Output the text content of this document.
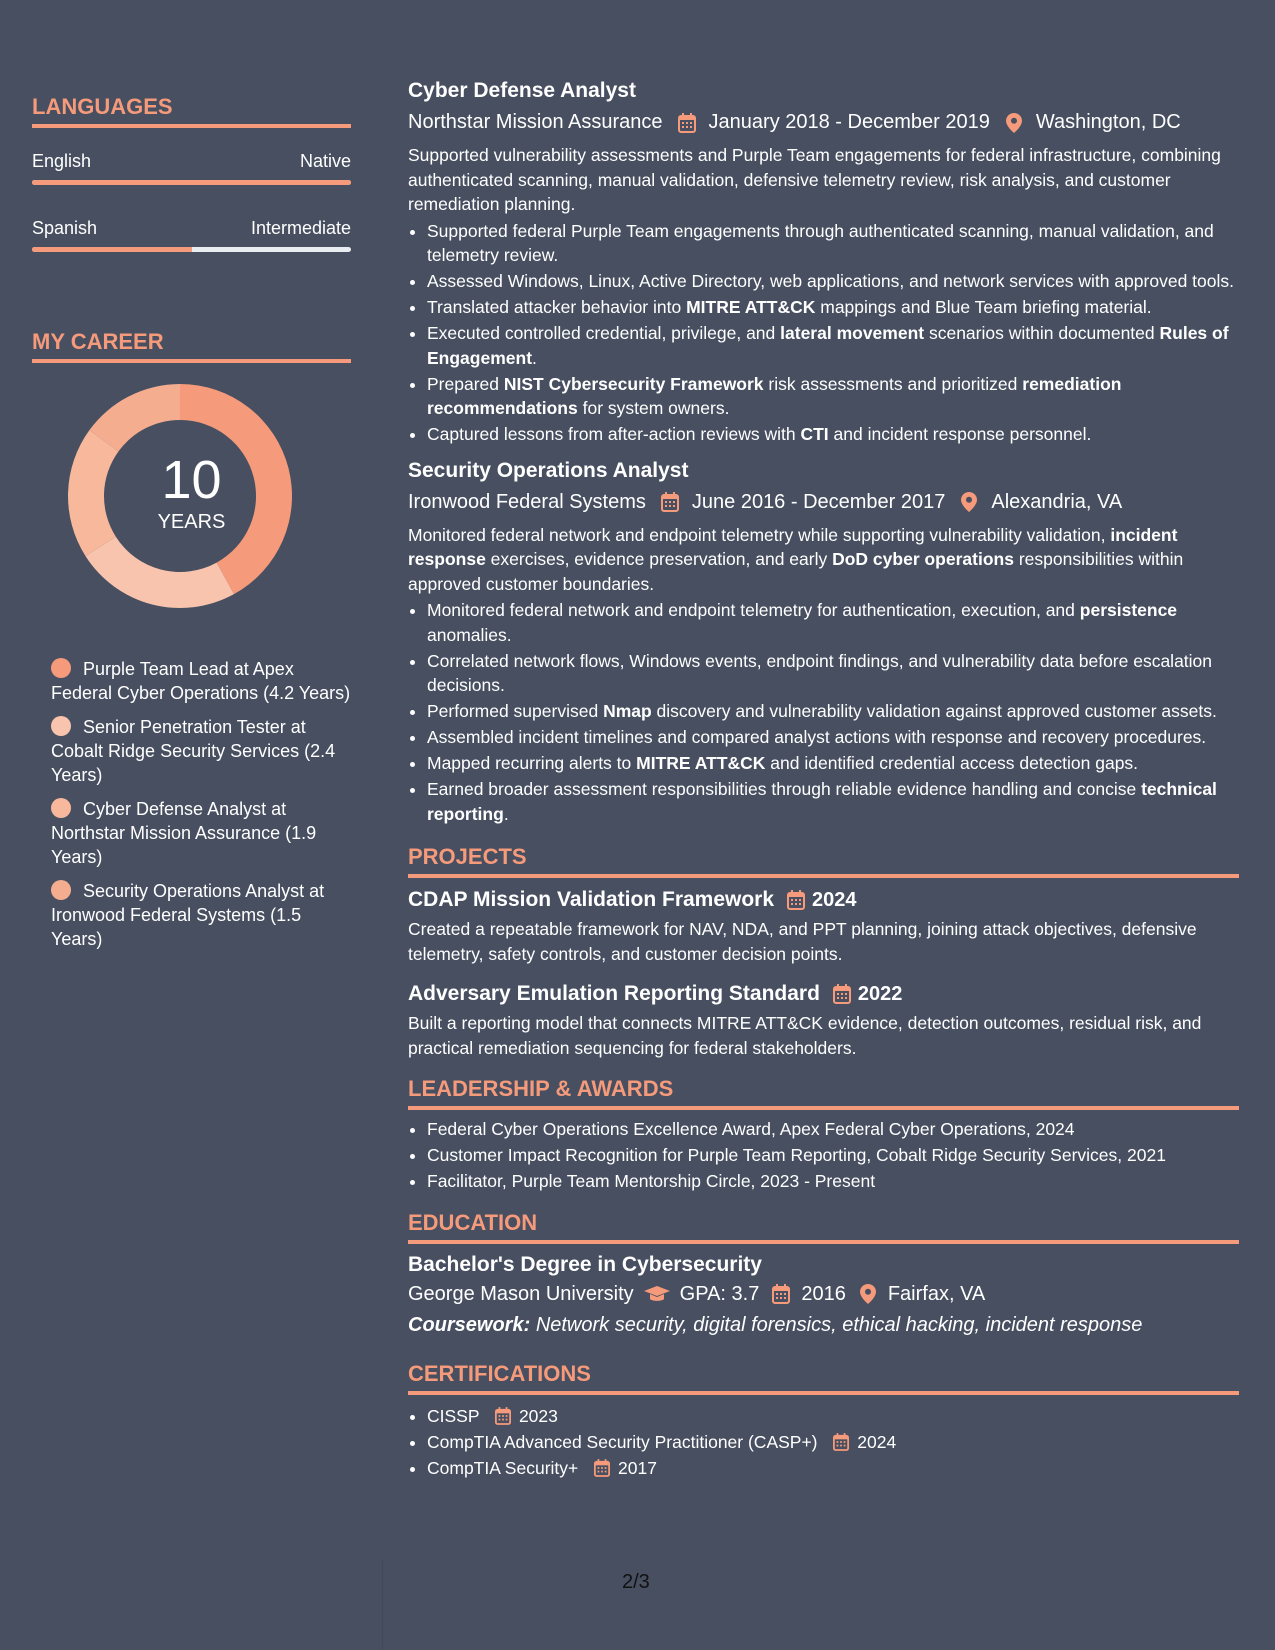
LANGUAGES
English	Native
Spanish	Intermediate
MY CAREER
10
YEARS
Purple Team Lead at Apex Federal Cyber Operations (4.2 Years)
Senior Penetration Tester at Cobalt Ridge Security Services (2.4 Years)
Cyber Defense Analyst at Northstar Mission Assurance (1.9 Years)
Security Operations Analyst at Ironwood Federal Systems (1.5 Years)
Cyber Defense Analyst
Northstar Mission Assurance January 2018 - December 2019 Washington, DC
Supported vulnerability assessments and Purple Team engagements for federal infrastructure, combining authenticated scanning, manual validation, defensive telemetry review, risk analysis, and customer remediation planning.
• Supported federal Purple Team engagements through authenticated scanning, manual validation, and telemetry review.
• Assessed Windows, Linux, Active Directory, web applications, and network services with approved tools.
• Translated attacker behavior into MITRE ATT&CK mappings and Blue Team briefing material.
• Executed controlled credential, privilege, and lateral movement scenarios within documented Rules of Engagement.
• Prepared NIST Cybersecurity Framework risk assessments and prioritized remediation recommendations for system owners.
• Captured lessons from after-action reviews with CTI and incident response personnel.
Security Operations Analyst
Ironwood Federal Systems June 2016 - December 2017 Alexandria, VA
Monitored federal network and endpoint telemetry while supporting vulnerability validation, incident response exercises, evidence preservation, and early DoD cyber operations responsibilities within approved customer boundaries.
• Monitored federal network and endpoint telemetry for authentication, execution, and persistence anomalies.
• Correlated network flows, Windows events, endpoint findings, and vulnerability data before escalation decisions.
• Performed supervised Nmap discovery and vulnerability validation against approved customer assets.
• Assembled incident timelines and compared analyst actions with response and recovery procedures.
• Mapped recurring alerts to MITRE ATT&CK and identified credential access detection gaps.
• Earned broader assessment responsibilities through reliable evidence handling and concise technical reporting.
PROJECTS
CDAP Mission Validation Framework 2024
Created a repeatable framework for NAV, NDA, and PPT planning, joining attack objectives, defensive telemetry, safety controls, and customer decision points.
Adversary Emulation Reporting Standard 2022
Built a reporting model that connects MITRE ATT&CK evidence, detection outcomes, residual risk, and practical remediation sequencing for federal stakeholders.
LEADERSHIP & AWARDS
• Federal Cyber Operations Excellence Award, Apex Federal Cyber Operations, 2024
• Customer Impact Recognition for Purple Team Reporting, Cobalt Ridge Security Services, 2021
• Facilitator, Purple Team Mentorship Circle, 2023 - Present
EDUCATION
Bachelor's Degree in Cybersecurity
George Mason University GPA: 3.7 2016 Fairfax, VA
Coursework: Network security, digital forensics, ethical hacking, incident response
CERTIFICATIONS
• CISSP 2023
• CompTIA Advanced Security Practitioner (CASP+) 2024
• CompTIA Security+ 2017
2/3
